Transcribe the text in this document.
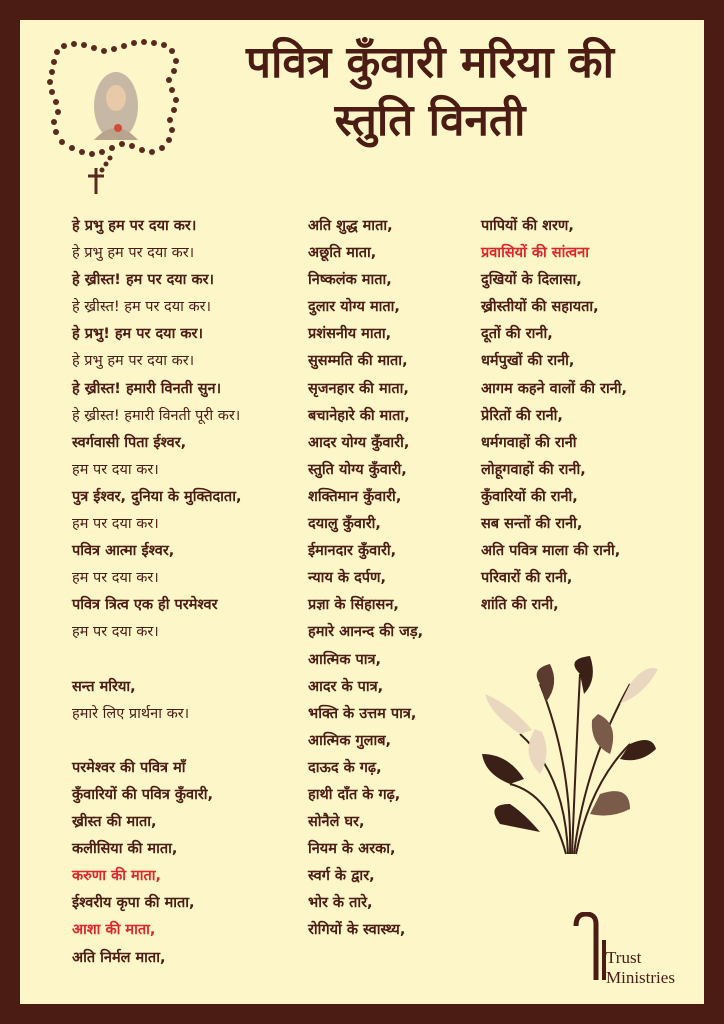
पवित्र कुँवारी मरिया की
स्तुति विनती
हे प्रभु हम पर दया कर।
हे प्रभु हम पर दया कर।
हे ख्रीस्त! हम पर दया कर।
हे ख्रीस्त! हम पर दया कर।
हे प्रभु! हम पर दया कर।
हे प्रभु हम पर दया कर।
हे ख्रीस्त! हमारी विनती सुन।
हे ख्रीस्त! हमारी विनती पूरी कर।
स्वर्गवासी पिता ईश्वर,
हम पर दया कर।
पुत्र ईश्वर, दुनिया के मुक्तिदाता,
हम पर दया कर।
पवित्र आत्मा ईश्वर,
हम पर दया कर।
पवित्र त्रित्व एक ही परमेश्वर
हम पर दया कर।
सन्त मरिया,
हमारे लिए प्रार्थना कर।
परमेश्वर की पवित्र माँ
कुँवारियों की पवित्र कुँवारी,
ख्रीस्त की माता,
कलीसिया की माता,
करुणा की माता,
ईश्वरीय कृपा की माता,
आशा की माता,
अति निर्मल माता,
अति शुद्ध माता,
अछूति माता,
निष्कलंक माता,
दुलार योग्य माता,
प्रशंसनीय माता,
सुसम्मति की माता,
सृजनहार की माता,
बचानेहारे की माता,
आदर योग्य कुँवारी,
स्तुति योग्य कुँवारी,
शक्तिमान कुँवारी,
दयालु कुँवारी,
ईमानदार कुँवारी,
न्याय के दर्पण,
प्रज्ञा के सिंहासन,
हमारे आनन्द की जड़,
आत्मिक पात्र,
आदर के पात्र,
भक्ति के उत्तम पात्र,
आत्मिक गुलाब,
दाऊद के गढ़,
हाथी दाँत के गढ़,
सोनैले घर,
नियम के अरका,
स्वर्ग के द्वार,
भोर के तारे,
रोगियों के स्वास्थ्य,
पापियों की शरण,
प्रवासियों की सांत्वना
दुखियों के दिलासा,
ख्रीस्तीयों की सहायता,
दूतों की रानी,
धर्मपुखों की रानी,
आगम कहने वालों की रानी,
प्रेरितों की रानी,
धर्मगवाहों की रानी
लोहूगवाहों की रानी,
कुँवारियों की रानी,
सब सन्तों की रानी,
अति पवित्र माला की रानी,
परिवारों की रानी,
शांति की रानी,
Trust
Ministries
